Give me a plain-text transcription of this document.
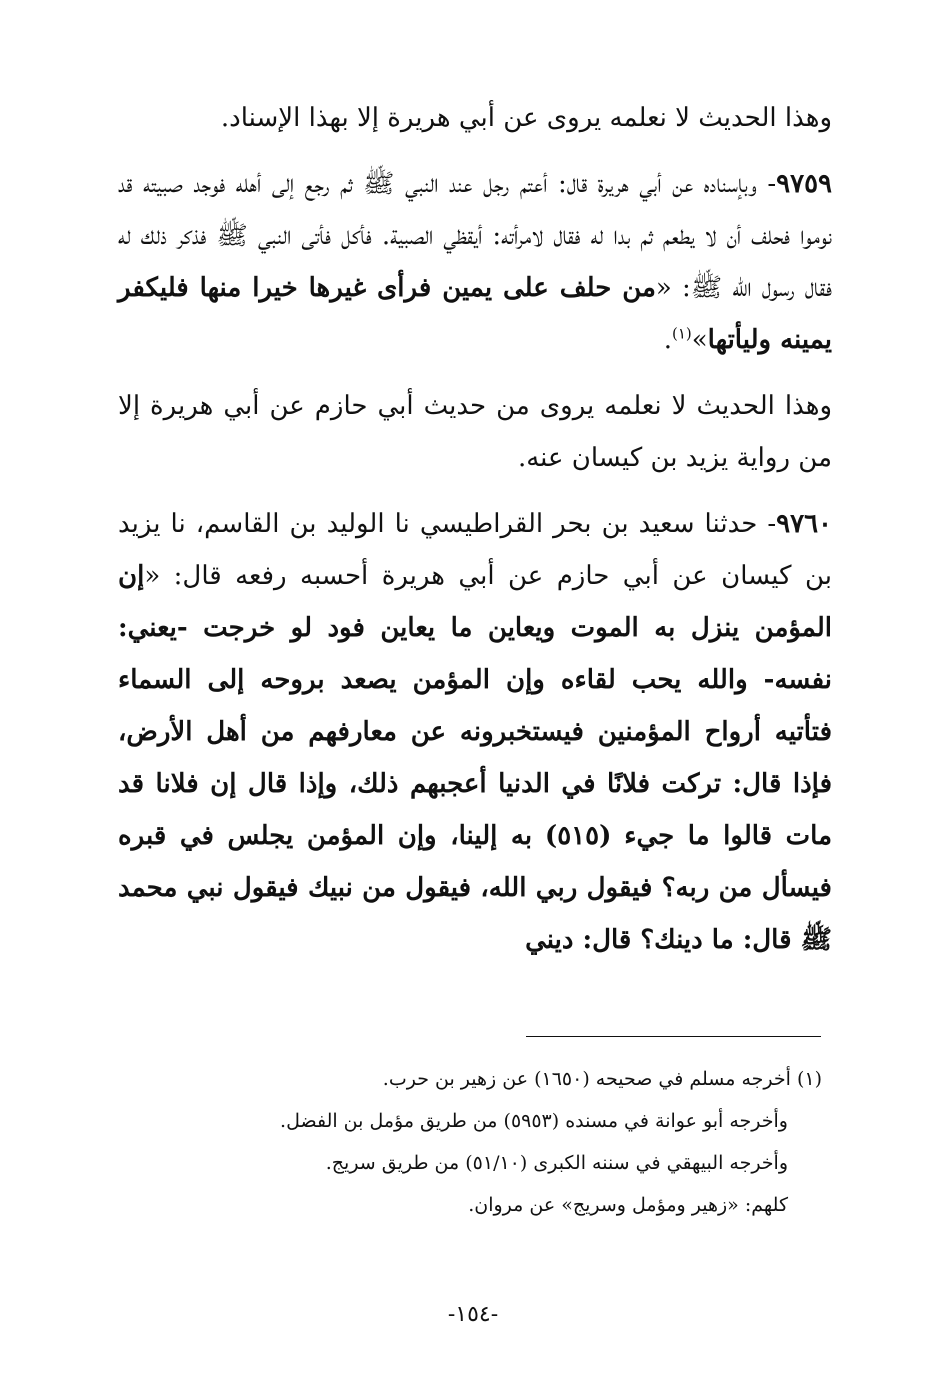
وهذا الحديث لا نعلمه يروى عن أبي هريرة إلا بهذا الإسناد.

٩٧٥٩- وبإسناده عن أبي هريرة قال: أعتم رجل عند النبي ﷺ ثم رجع إلى أهله فوجد صبيته قد نوموا فحلف أن لا يطعم ثم بدا له فقال لامرأته: أيقظي الصبية. فأكل فأتى النبي ﷺ فذكر ذلك له فقال رسول الله ﷺ: «من حلف على يمين فرأى غيرها خيرا منها فليكفر يمينه وليأتها»$^{(١)}$.

وهذا الحديث لا نعلمه يروى من حديث أبي حازم عن أبي هريرة إلا من رواية يزيد بن كيسان عنه.

٩٧٦٠- حدثنا سعيد بن بحر القراطيسي نا الوليد بن القاسم، نا يزيد بن كيسان عن أبي حازم عن أبي هريرة أحسبه رفعه قال: «إن المؤمن ينزل به الموت ويعاين ما يعاين فود لو خرجت -يعني: نفسه- والله يحب لقاءه وإن المؤمن يصعد بروحه إلى السماء فتأتيه أرواح المؤمنين فيستخبرونه عن معارفهم من أهل الأرض، فإذا قال: تركت فلانًا في الدنيا أعجبهم ذلك، وإذا قال إن فلانا قد مات قالوا ما جيء (٥١٥) به إلينا، وإن المؤمن يجلس في قبره فيسأل من ربه؟ فيقول ربي الله، فيقول من نبيك فيقول نبي محمد ﷺ قال: ما دينك؟ قال: ديني

(١) أخرجه مسلم في صحيحه (١٦٥٠) عن زهير بن حرب.

وأخرجه أبو عوانة في مسنده (٥٩٥٣) من طريق مؤمل بن الفضل.

وأخرجه البيهقي في سننه الكبرى (٥١/١٠) من طريق سريج.

كلهم: «زهير ومؤمل وسريج» عن مروان.

-١٥٤-
